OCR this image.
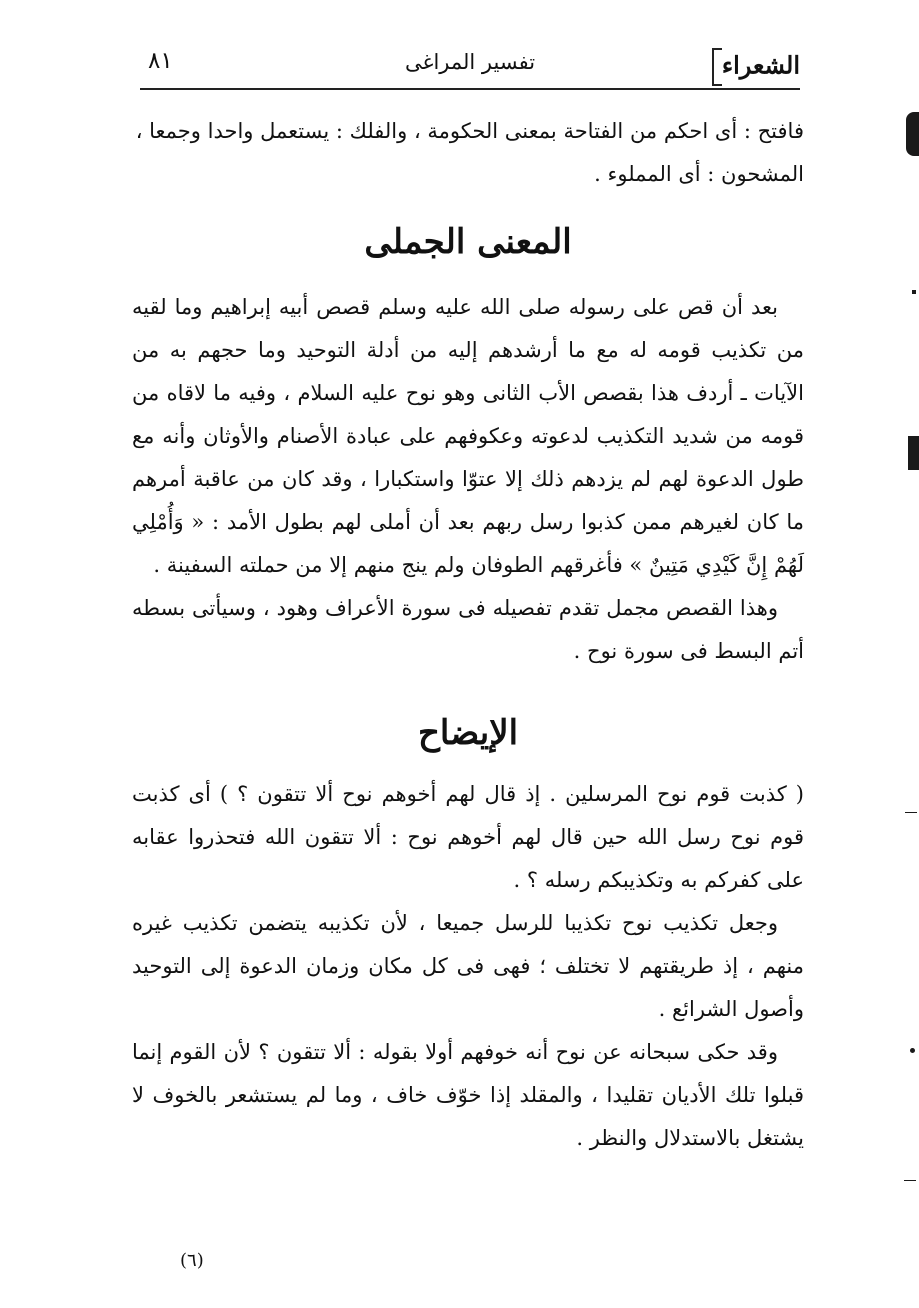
الشعراء
تفسير المراغى
٨١

فافتح : أى احكم من الفتاحة بمعنى الحكومة ، والفلك : يستعمل واحدا وجمعا ،

المشحون : أى المملوء .

المعنى الجملى

بعد أن قص على رسوله صلى الله عليه وسلم قصص أبيه إبراهيم وما لقيه من تكذيب قومه له مع ما أرشدهم إليه من أدلة التوحيد وما حجهم به من الآيات ـ أردف هذا بقصص الأب الثانى وهو نوح عليه السلام ، وفيه ما لاقاه من قومه من شديد التكذيب لدعوته وعكوفهم على عبادة الأصنام والأوثان وأنه مع طول الدعوة لهم لم يزدهم ذلك إلا عتوّا واستكبارا ، وقد كان من عاقبة أمرهم ما كان لغيرهم ممن كذبوا رسل ربهم بعد أن أملى لهم بطول الأمد : « وَأُمْلِي لَهُمْ إِنَّ كَيْدِي مَتِينٌ » فأغرقهم الطوفان ولم ينج منهم إلا من حملته السفينة .

وهذا القصص مجمل تقدم تفصيله فى سورة الأعراف وهود ، وسيأتى بسطه أتم البسط فى سورة نوح .

الإيضاح

( كذبت قوم نوح المرسلين . إذ قال لهم أخوهم نوح ألا تتقون ؟ ) أى كذبت قوم نوح رسل الله حين قال لهم أخوهم نوح : ألا تتقون الله فتحذروا عقابه على كفركم به وتكذيبكم رسله ؟ .

وجعل تكذيب نوح تكذيبا للرسل جميعا ، لأن تكذيبه يتضمن تكذيب غيره منهم ، إذ طريقتهم لا تختلف ؛ فهى فى كل مكان وزمان الدعوة إلى التوحيد وأصول الشرائع .

وقد حكى سبحانه عن نوح أنه خوفهم أولا بقوله : ألا تتقون ؟ لأن القوم إنما قبلوا تلك الأديان تقليدا ، والمقلد إذا خوّف خاف ، وما لم يستشعر بالخوف لا يشتغل بالاستدلال والنظر .

(٦)
